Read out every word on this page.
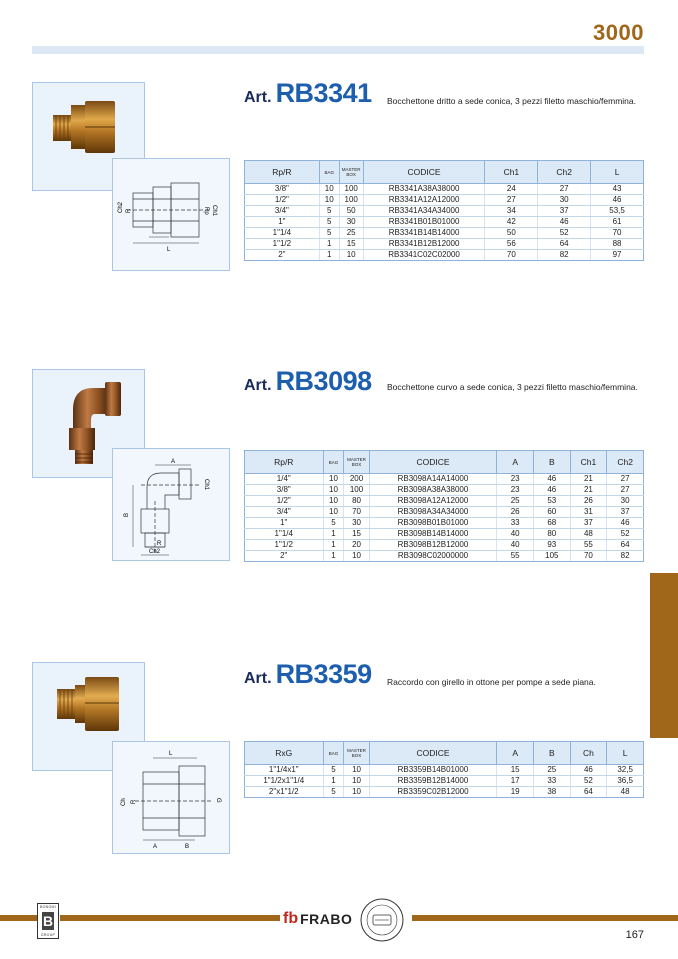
3000
Ch2 R	Rp Ch1
L
Art. RB3341 Bocchettone dritto a sede conica, 3 pezzi filetto maschio/femmina.
Rp/R	BAG	MASTER BOX	CODICE	Ch1	Ch2	L
3/8"	10	100	RB3341A38A38000	24	27	43
1/2"	10	100	RB3341A12A12000	27	30	46
3/4"	5	50	RB3341A34A34000	34	37	53,5
1"	5	30	RB3341B01B01000	42	46	61
1"1/4	5	25	RB3341B14B14000	50	52	70
1"1/2	1	15	RB3341B12B12000	56	64	88
2"	1	10	RB3341C02C02000	70	82	97
A
Ch1
B
R
Ch2
Art. RB3098 Bocchettone curvo a sede conica, 3 pezzi filetto maschio/femmina.
Rp/R	BAG	MASTER BOX	CODICE	A	B	Ch1	Ch2
1/4"	10	200	RB3098A14A14000	23	46	21	27
3/8"	10	100	RB3098A38A38000	23	46	21	27
1/2"	10	80	RB3098A12A12000	25	53	26	30
3/4"	10	70	RB3098A34A34000	26	60	31	37
1"	5	30	RB3098B01B01000	33	68	37	46
1"1/4	1	15	RB3098B14B14000	40	80	48	52
1"1/2	1	20	RB3098B12B12000	40	93	55	64
2"	1	10	RB3098C02000000	55	105	70	82
L
Ch R	G
A	B
Art. RB3359 Raccordo con girello in ottone per pompe a sede piana.
RxG	BAG	MASTER BOX	CODICE	A	B	Ch	L
1"1/4x1"	5	10	RB3359B14B01000	15	25	46	32,5
1"1/2x1"1/4	1	10	RB3359B12B14000	17	33	52	36,5
2"x1"1/2	5	10	RB3359C02B12000	19	38	64	48
BONOMI
B
GROUP
fb FRABO
167
